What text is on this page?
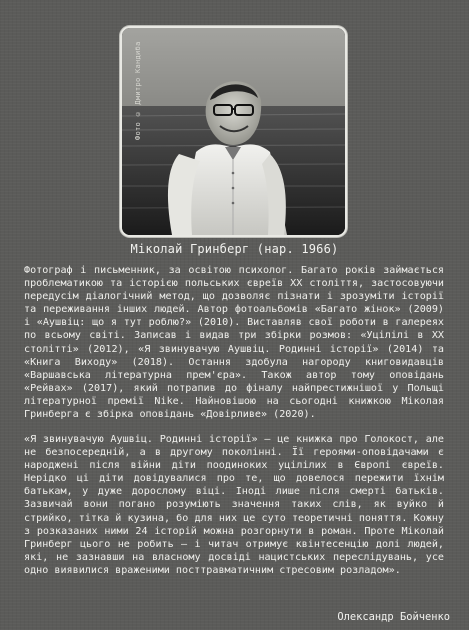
Фото © Дмитро Кандиба
Міколай Гринберг (нар. 1966)
Фотограф і письменник, за освітою психолог. Багато років займається проблематикою та історією польських євреїв XX століття, застосовуючи передусім діалогічний метод, що дозволяє пізнати і зрозуміти історії та переживання інших людей. Автор фотоальбомів «Багато жінок» (2009) і «Аушвіц: що я тут роблю?» (2010). Виставляв свої роботи в галереях по всьому світі. Записав і видав три збірки розмов: «Уцілілі в XX столітті» (2012), «Я звинувачую Аушвіц. Родинні історії» (2014) та «Книга Виходу» (2018). Остання здобула нагороду книговидавців «Варшавська літературна прем'єра». Також автор тому оповідань «Рейвах» (2017), який потрапив до фіналу найпрестижнішої у Польщі літературної премії Nike. Найновішою на сьогодні книжкою Міколая Гринберга є збірка оповідань «Довірливе» (2020).
«Я звинувачую Аушвіц. Родинні історії» — це книжка про Голокост, але не безпосередній, а в другому поколінні. Її героями-оповідачами є народжені після війни діти поодиноких уцілілих в Європі євреїв. Нерідко ці діти довідувалися про те, що довелося пережити їхнім батькам, у дуже дорослому віці. Іноді лише після смерті батьків. Зазвичай вони погано розуміють значення таких слів, як вуйко й стрийко, тітка й кузина, бо для них це суто теоретичні поняття. Кожну з розказаних ними 24 історій можна розгорнути в роман. Проте Міколай Гринберг цього не робить — і читач отримує квінтесенцію долі людей, які, не зазнавши на власному досвіді нацистських переслідувань, усе одно виявилися враженими посттравматичним стресовим розладом».
Олександр Бойченко
